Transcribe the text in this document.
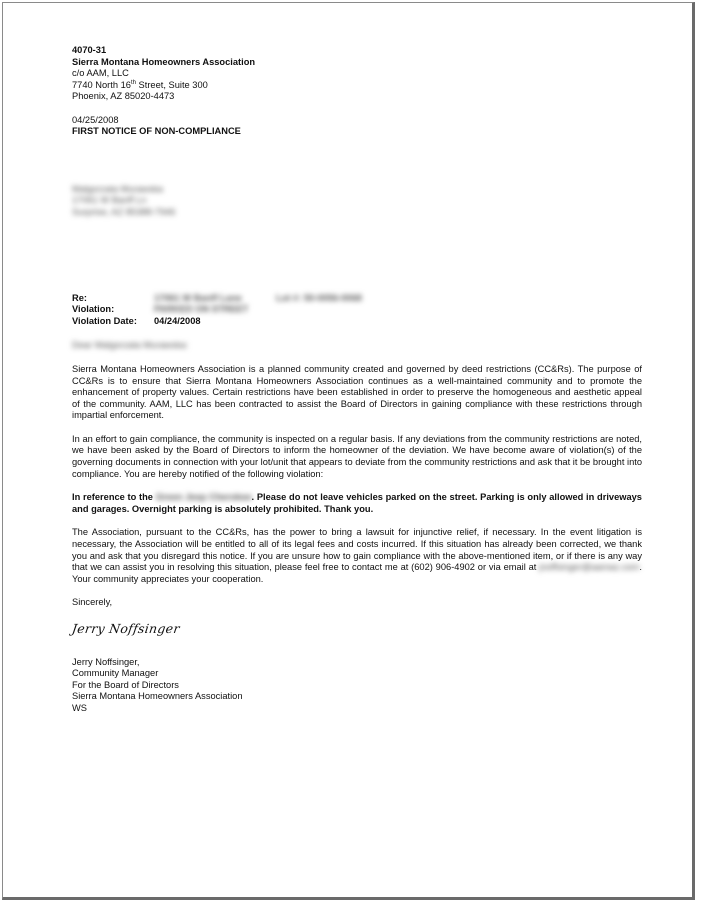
4070-31
Sierra Montana Homeowners Association
c/o AAM, LLC
7740 North 16th Street, Suite 300
Phoenix, AZ 85020-4473
04/25/2008
FIRST NOTICE OF NON-COMPLIANCE
Malgorzata Murawska
17061 W Banff Ln
Surprise, AZ 85388-7946
Re:	17061 W Banff Lane	Lot #: 50-0056-0068
Violation:	PARKED ON STREET
Violation Date:	04/24/2008
Dear Malgorzata Murawska:

Sierra Montana Homeowners Association is a planned community created and governed by deed restrictions (CC&Rs). The purpose of CC&Rs is to ensure that Sierra Montana Homeowners Association continues as a well-maintained community and to promote the enhancement of property values. Certain restrictions have been established in order to preserve the homogeneous and aesthetic appeal of the community. AAM, LLC has been contracted to assist the Board of Directors in gaining compliance with these restrictions through impartial enforcement.

In an effort to gain compliance, the community is inspected on a regular basis. If any deviations from the community restrictions are noted, we have been asked by the Board of Directors to inform the homeowner of the deviation. We have become aware of violation(s) of the governing documents in connection with your lot/unit that appears to deviate from the community restrictions and ask that it be brought into compliance. You are hereby notified of the following violation:

In reference to the Green Jeep Cherokee. Please do not leave vehicles parked on the street. Parking is only allowed in driveways and garages. Overnight parking is absolutely prohibited. Thank you.

The Association, pursuant to the CC&Rs, has the power to bring a lawsuit for injunctive relief, if necessary. In the event litigation is necessary, the Association will be entitled to all of its legal fees and costs incurred. If this situation has already been corrected, we thank you and ask that you disregard this notice. If you are unsure how to gain compliance with the above-mentioned item, or if there is any way that we can assist you in resolving this situation, please feel free to contact me at (602) 906-4902 or via email at jnoffsinger@aamaz.com. Your community appreciates your cooperation.

Sincerely,
Jerry Noffsinger
Jerry Noffsinger,
Community Manager
For the Board of Directors
Sierra Montana Homeowners Association
WS
